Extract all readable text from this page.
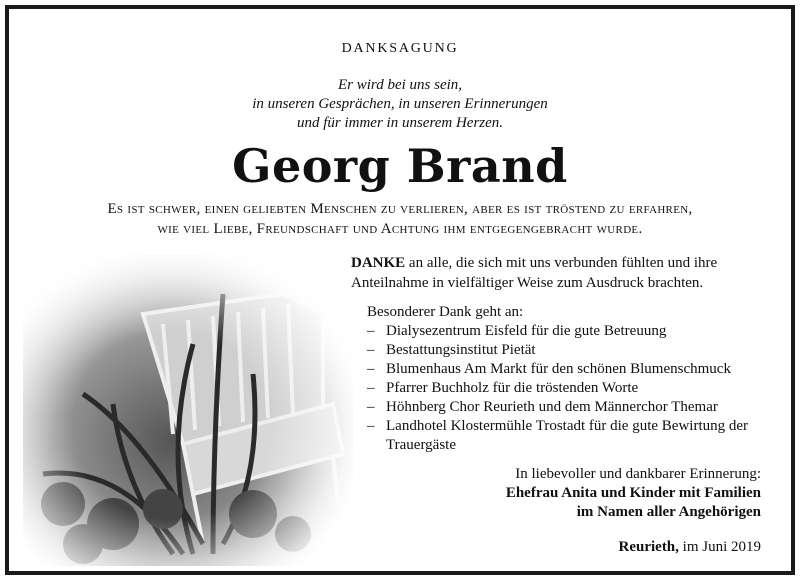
DANKSAGUNG
Er wird bei uns sein,
in unseren Gesprächen, in unseren Erinnerungen
und für immer in unserem Herzen.
Georg Brand
Es ist schwer, einen geliebten Menschen zu verlieren, aber es ist tröstend zu erfahren,
wie viel Liebe, Freundschaft und Achtung ihm entgegengebracht wurde.
DANKE an alle, die sich mit uns verbunden fühlten und ihre Anteilnahme in vielfältiger Weise zum Ausdruck brachten.
Besonderer Dank geht an:
– Dialysezentrum Eisfeld für die gute Betreuung
– Bestattungsinstitut Pietät
– Blumenhaus Am Markt für den schönen Blumenschmuck
– Pfarrer Buchholz für die tröstenden Worte
– Höhnberg Chor Reurieth und dem Männerchor Themar
– Landhotel Klostermühle Trostadt für die gute Bewirtung der Trauergäste
In liebevoller und dankbarer Erinnerung:
Ehefrau Anita und Kinder mit Familien
im Namen aller Angehörigen
Reurieth, im Juni 2019
